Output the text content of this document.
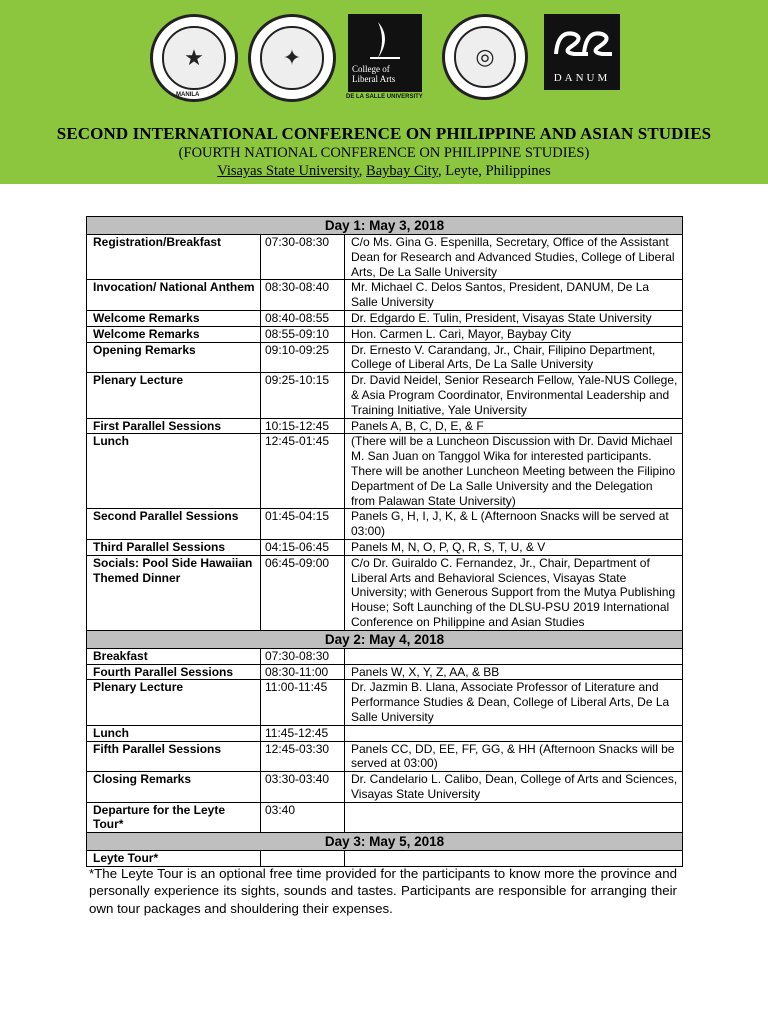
★
MANILA
✦	College of Liberal Arts
DE LA SALLE UNIVERSITY
◎
DANUM
SECOND INTERNATIONAL CONFERENCE ON PHILIPPINE AND ASIAN STUDIES
(FOURTH NATIONAL CONFERENCE ON PHILIPPINE STUDIES)
Visayas State University, Baybay City, Leyte, Philippines
Day 1: May 3, 2018		
Registration/Breakfast	07:30-08:30	C/o Ms. Gina G. Espenilla, Secretary, Office of the Assistant Dean for Research and Advanced Studies, College of Liberal Arts, De La Salle University
Invocation/ National Anthem	08:30-08:40	Mr. Michael C. Delos Santos, President, DANUM, De La Salle University
Welcome Remarks	08:40-08:55	Dr. Edgardo E. Tulin, President, Visayas State University
Welcome Remarks	08:55-09:10	Hon. Carmen L. Cari, Mayor, Baybay City
Opening Remarks	09:10-09:25	Dr. Ernesto V. Carandang, Jr., Chair, Filipino Department, College of Liberal Arts, De La Salle University
Plenary Lecture	09:25-10:15	Dr. David Neidel, Senior Research Fellow, Yale-NUS College, & Asia Program Coordinator, Environmental Leadership and Training Initiative, Yale University
First Parallel Sessions	10:15-12:45	Panels A, B, C, D, E, & F
Lunch	12:45-01:45	(There will be a Luncheon Discussion with Dr. David Michael M. San Juan on Tanggol Wika for interested participants. There will be another Luncheon Meeting between the Filipino Department of De La Salle University and the Delegation from Palawan State University)
Second Parallel Sessions	01:45-04:15	Panels G, H, I, J, K, & L (Afternoon Snacks will be served at 03:00)
Third Parallel Sessions	04:15-06:45	Panels M, N, O, P, Q, R, S, T, U, & V
Socials: Pool Side Hawaiian Themed Dinner	06:45-09:00	C/o Dr. Guiraldo C. Fernandez, Jr., Chair, Department of Liberal Arts and Behavioral Sciences, Visayas State University; with Generous Support from the Mutya Publishing House; Soft Launching of the DLSU-PSU 2019 International Conference on Philippine and Asian Studies
Day 2: May 4, 2018		
Breakfast	07:30-08:30	
Fourth Parallel Sessions	08:30-11:00	Panels W, X, Y, Z, AA, & BB
Plenary Lecture	11:00-11:45	Dr. Jazmin B. Llana, Associate Professor of Literature and Performance Studies & Dean, College of Liberal Arts, De La Salle University
Lunch	11:45-12:45	
Fifth Parallel Sessions	12:45-03:30	Panels CC, DD, EE, FF, GG, & HH (Afternoon Snacks will be served at 03:00)
Closing Remarks	03:30-03:40	Dr. Candelario L. Calibo, Dean, College of Arts and Sciences, Visayas State University
Departure for the Leyte Tour*	03:40	
Day 3: May 5, 2018		
Leyte Tour*		
*The Leyte Tour is an optional free time provided for the participants to know more the province and personally experience its sights, sounds and tastes. Participants are responsible for arranging their own tour packages and shouldering their expenses.
